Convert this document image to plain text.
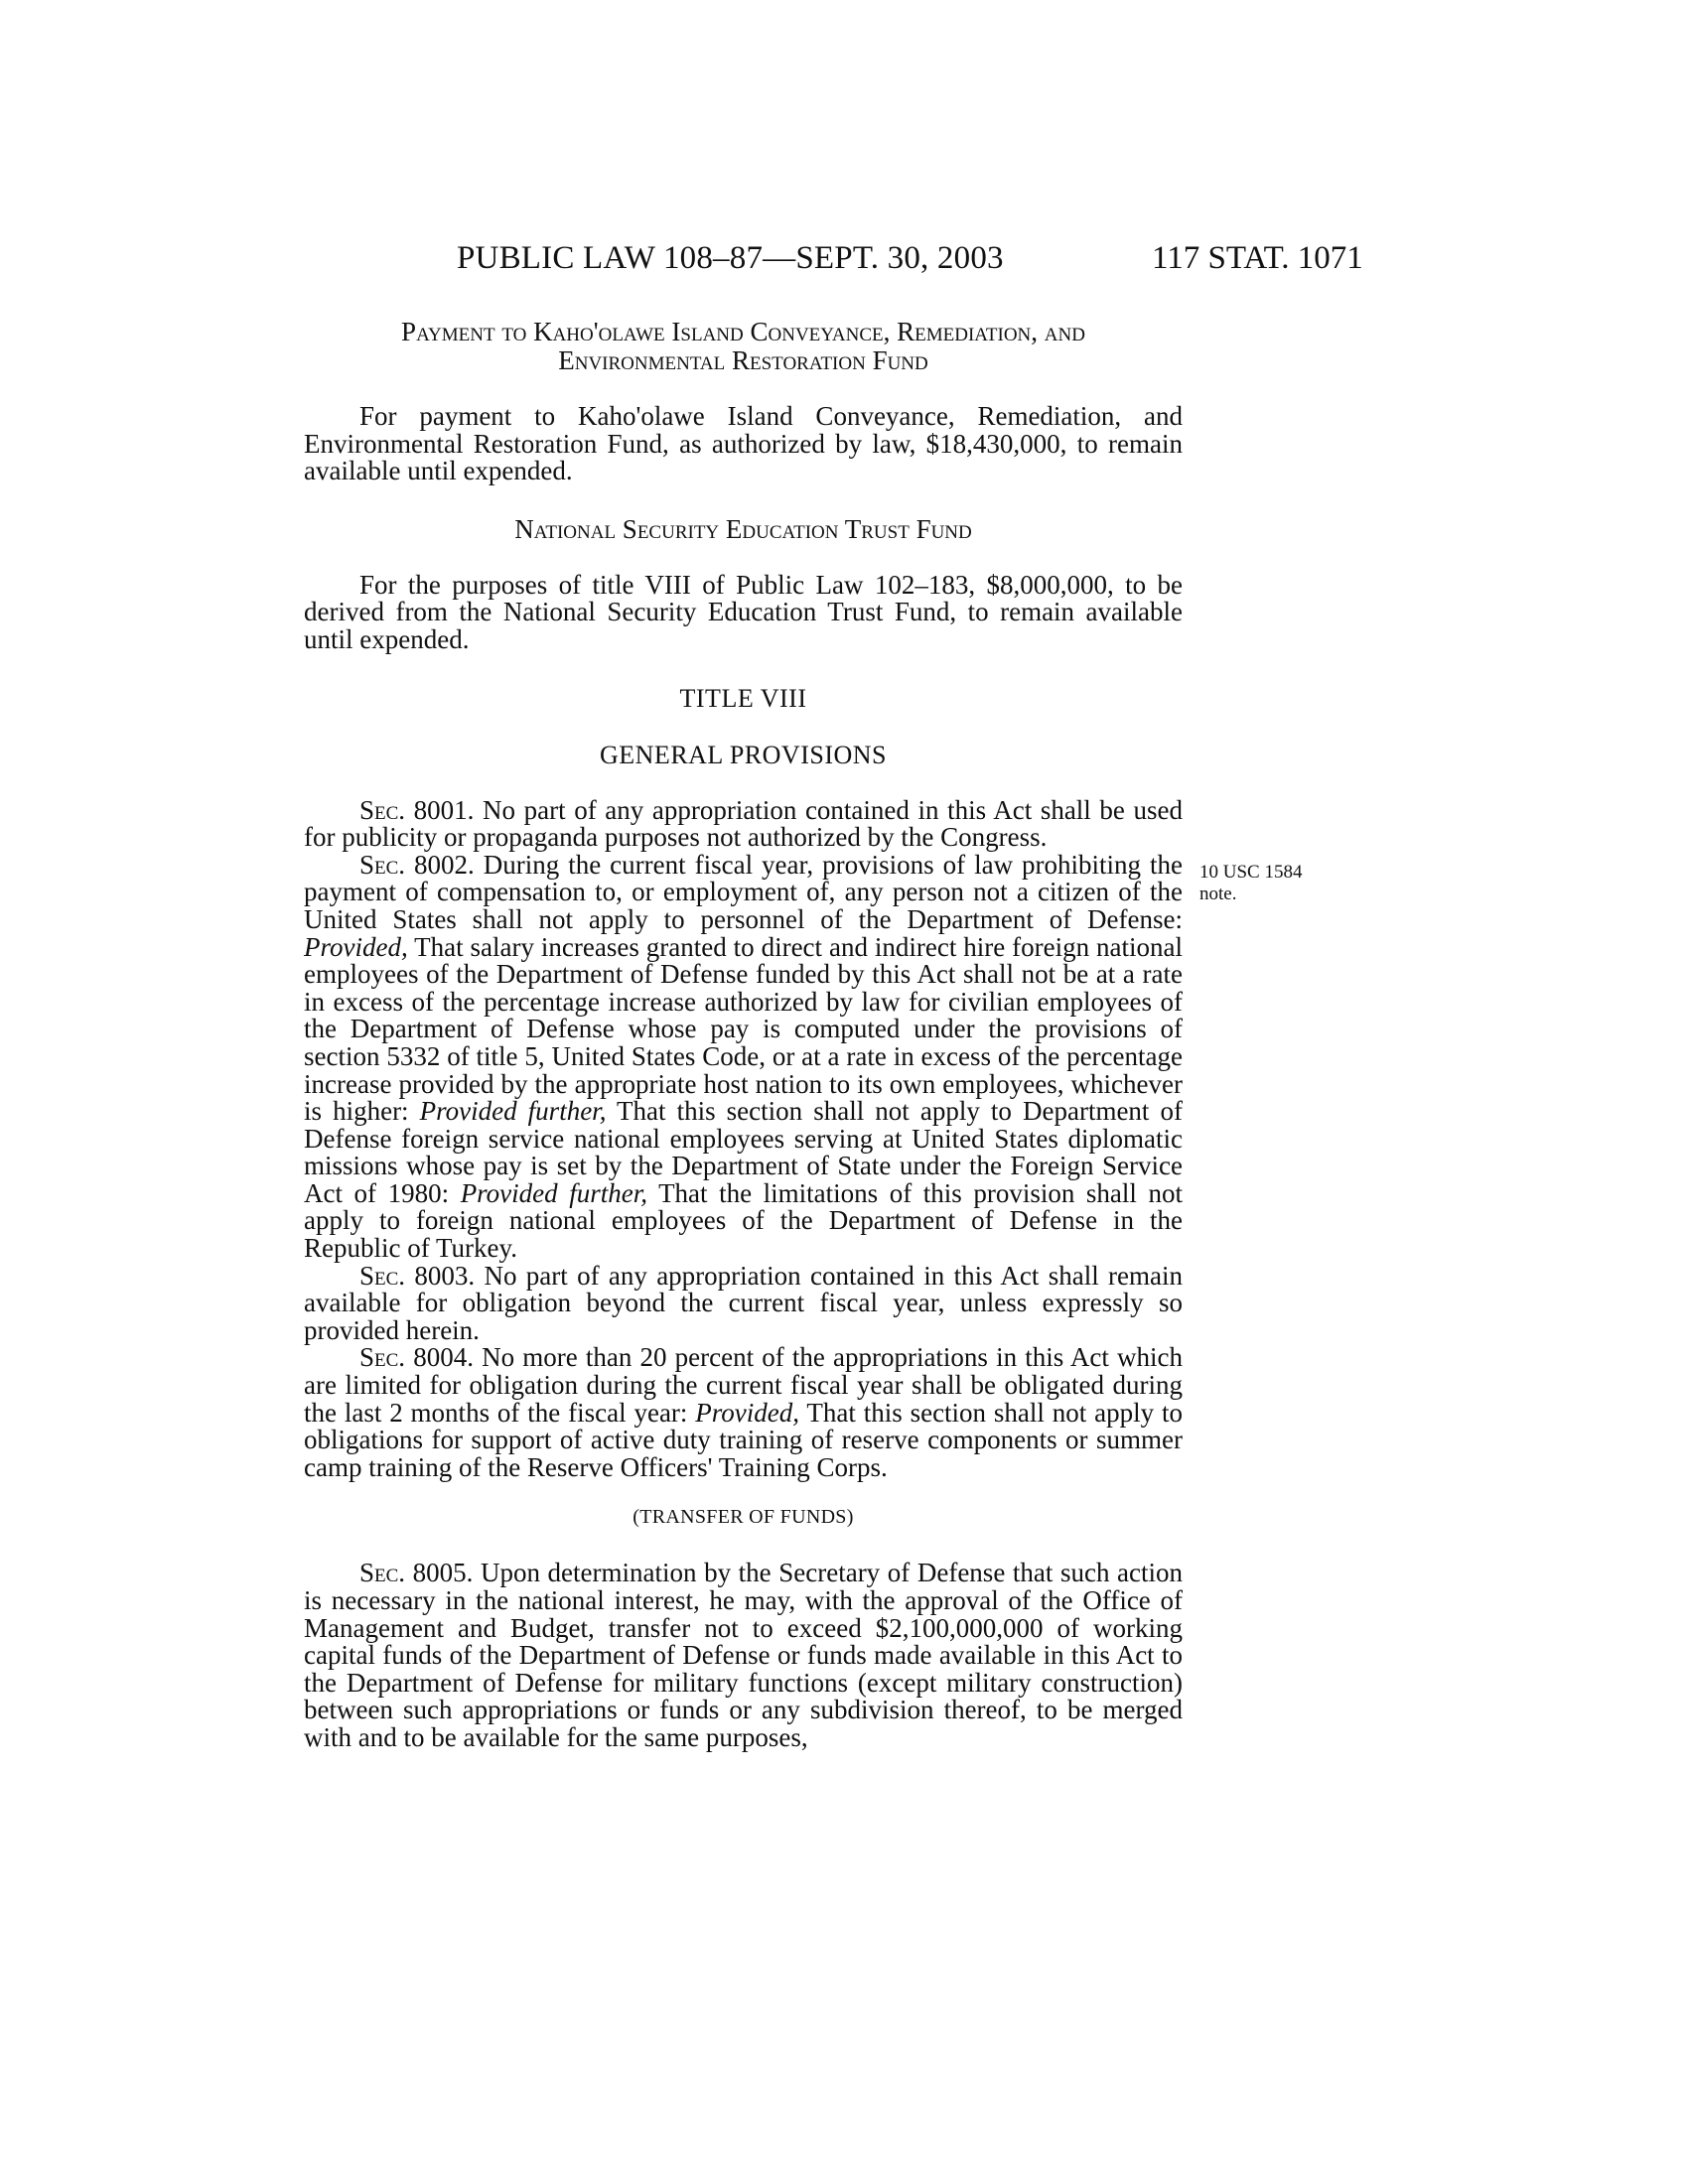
PUBLIC LAW 108–87—SEPT. 30, 2003	117 STAT. 1071
10 USC 1584
note.
Payment to Kaho'olawe Island Conveyance, Remediation, and
Environmental Restoration Fund

For payment to Kaho'olawe Island Conveyance, Remediation, and Environmental Restoration Fund, as authorized by law, $18,430,000, to remain available until expended.

National Security Education Trust Fund

For the purposes of title VIII of Public Law 102–183, $8,000,000, to be derived from the National Security Education Trust Fund, to remain available until expended.

TITLE VIII
GENERAL PROVISIONS

Sec. 8001. No part of any appropriation contained in this Act shall be used for publicity or propaganda purposes not authorized by the Congress.

Sec. 8002. During the current fiscal year, provisions of law prohibiting the payment of compensation to, or employment of, any person not a citizen of the United States shall not apply to personnel of the Department of Defense: Provided, That salary increases granted to direct and indirect hire foreign national employees of the Department of Defense funded by this Act shall not be at a rate in excess of the percentage increase authorized by law for civilian employees of the Department of Defense whose pay is computed under the provisions of section 5332 of title 5, United States Code, or at a rate in excess of the percentage increase provided by the appropriate host nation to its own employees, whichever is higher: Provided further, That this section shall not apply to Department of Defense foreign service national employees serving at United States diplomatic missions whose pay is set by the Department of State under the Foreign Service Act of 1980: Provided further, That the limitations of this provision shall not apply to foreign national employees of the Department of Defense in the Republic of Turkey.

Sec. 8003. No part of any appropriation contained in this Act shall remain available for obligation beyond the current fiscal year, unless expressly so provided herein.

Sec. 8004. No more than 20 percent of the appropriations in this Act which are limited for obligation during the current fiscal year shall be obligated during the last 2 months of the fiscal year: Provided, That this section shall not apply to obligations for support of active duty training of reserve components or summer camp training of the Reserve Officers' Training Corps.

(TRANSFER OF FUNDS)

Sec. 8005. Upon determination by the Secretary of Defense that such action is necessary in the national interest, he may, with the approval of the Office of Management and Budget, transfer not to exceed $2,100,000,000 of working capital funds of the Department of Defense or funds made available in this Act to the Department of Defense for military functions (except military construction) between such appropriations or funds or any subdivision thereof, to be merged with and to be available for the same purposes,
